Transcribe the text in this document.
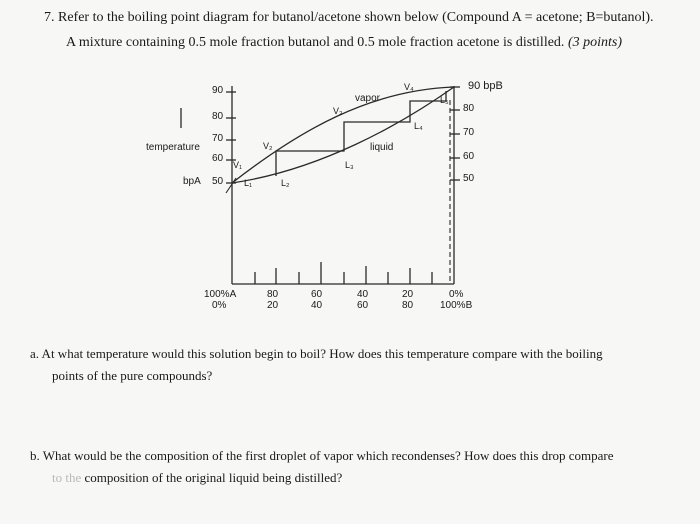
7. Refer to the boiling point diagram for butanol/acetone shown below (Compound A = acetone; B=butanol).
A mixture containing 0.5 mole fraction butanol and 0.5 mole fraction acetone is distilled. (3 points)
temperature
bpA
90 bpB
90
80
70
60
50
80
70
60
50
vapor
liquid
V₁
L₁
V₂
L₂
V₃
L₃
V₄
L₄
L₅
100%A	80	60	40	20	0%
0%	20	40	60	80	100%B
a. At what temperature would this solution begin to boil? How does this temperature compare with the boiling
points of the pure compounds?
b. What would be the composition of the first droplet of vapor which recondenses? How does this drop compare
to the composition of the original liquid being distilled?
